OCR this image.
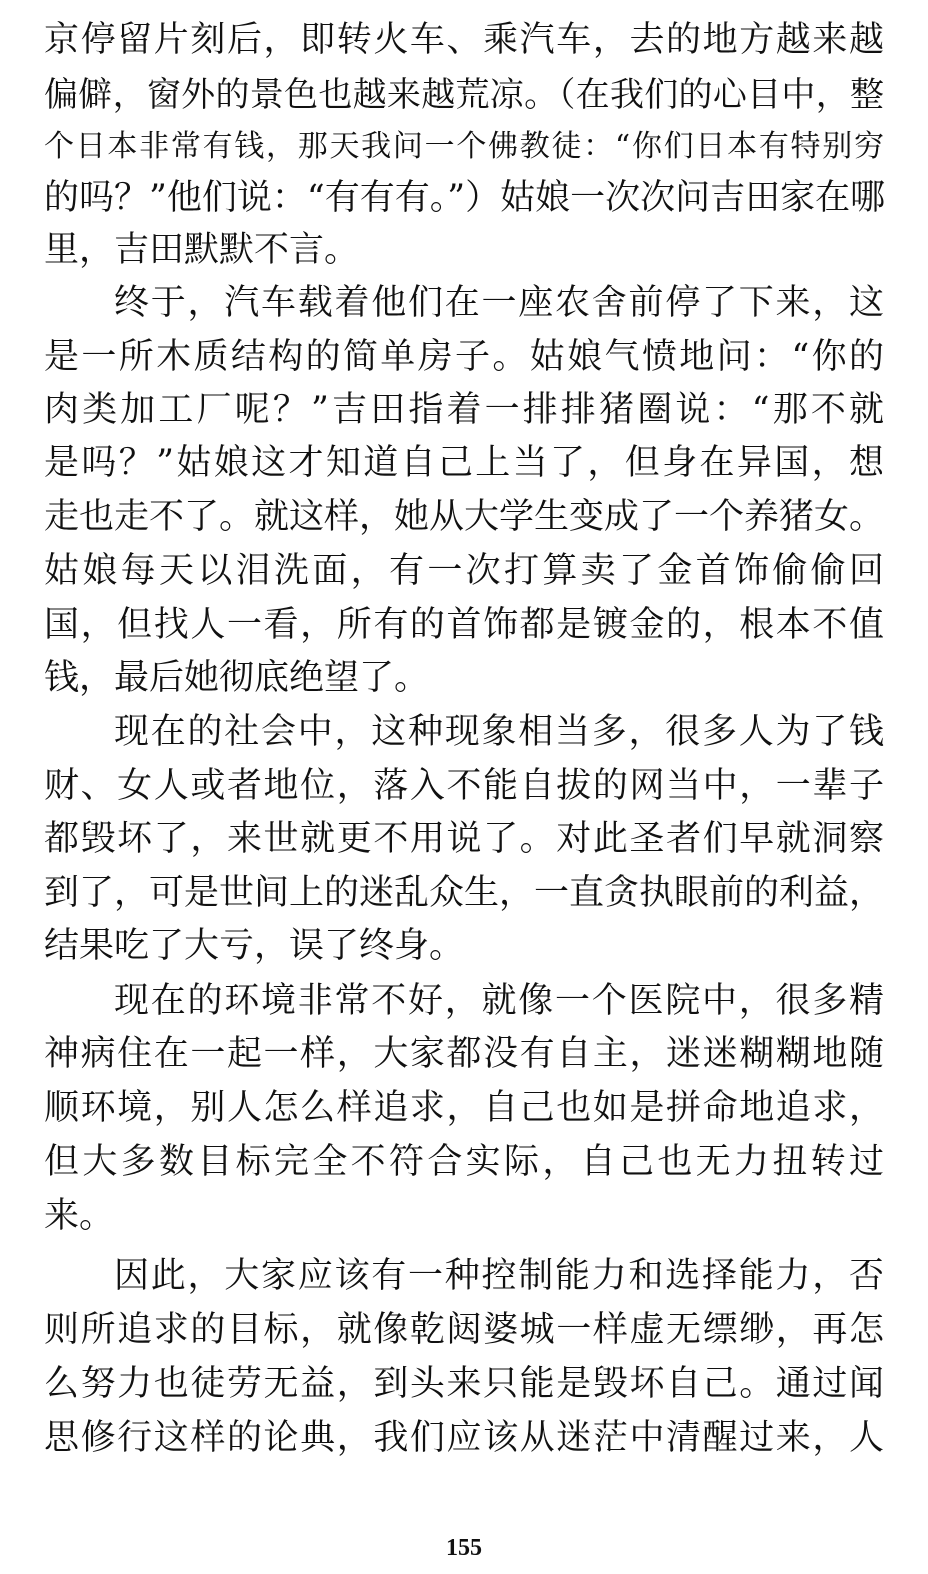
京停留片刻后，即转火车、乘汽车，去的地方越来越
偏僻，窗外的景色也越来越荒凉。（在我们的心目中，整
个日本非常有钱，那天我问一个佛教徒：“你们日本有特别穷
的吗？”他们说：“有有有。”）姑娘一次次问吉田家在哪
里，吉田默默不言。
终于，汽车载着他们在一座农舍前停了下来，这
是一所木质结构的简单房子。姑娘气愤地问：“你的
肉类加工厂呢？”吉田指着一排排猪圈说：“那不就
是吗？”姑娘这才知道自己上当了，但身在异国，想
走也走不了。就这样，她从大学生变成了一个养猪女。
姑娘每天以泪洗面，有一次打算卖了金首饰偷偷回
国，但找人一看，所有的首饰都是镀金的，根本不值
钱，最后她彻底绝望了。
现在的社会中，这种现象相当多，很多人为了钱
财、女人或者地位，落入不能自拔的网当中，一辈子
都毁坏了，来世就更不用说了。对此圣者们早就洞察
到了，可是世间上的迷乱众生，一直贪执眼前的利益，
结果吃了大亏，误了终身。
现在的环境非常不好，就像一个医院中，很多精
神病住在一起一样，大家都没有自主，迷迷糊糊地随
顺环境，别人怎么样追求，自己也如是拼命地追求，
但大多数目标完全不符合实际，自己也无力扭转过
来。
因此，大家应该有一种控制能力和选择能力，否
则所追求的目标，就像乾闼婆城一样虚无缥缈，再怎
么努力也徒劳无益，到头来只能是毁坏自己。通过闻
思修行这样的论典，我们应该从迷茫中清醒过来，人
155
